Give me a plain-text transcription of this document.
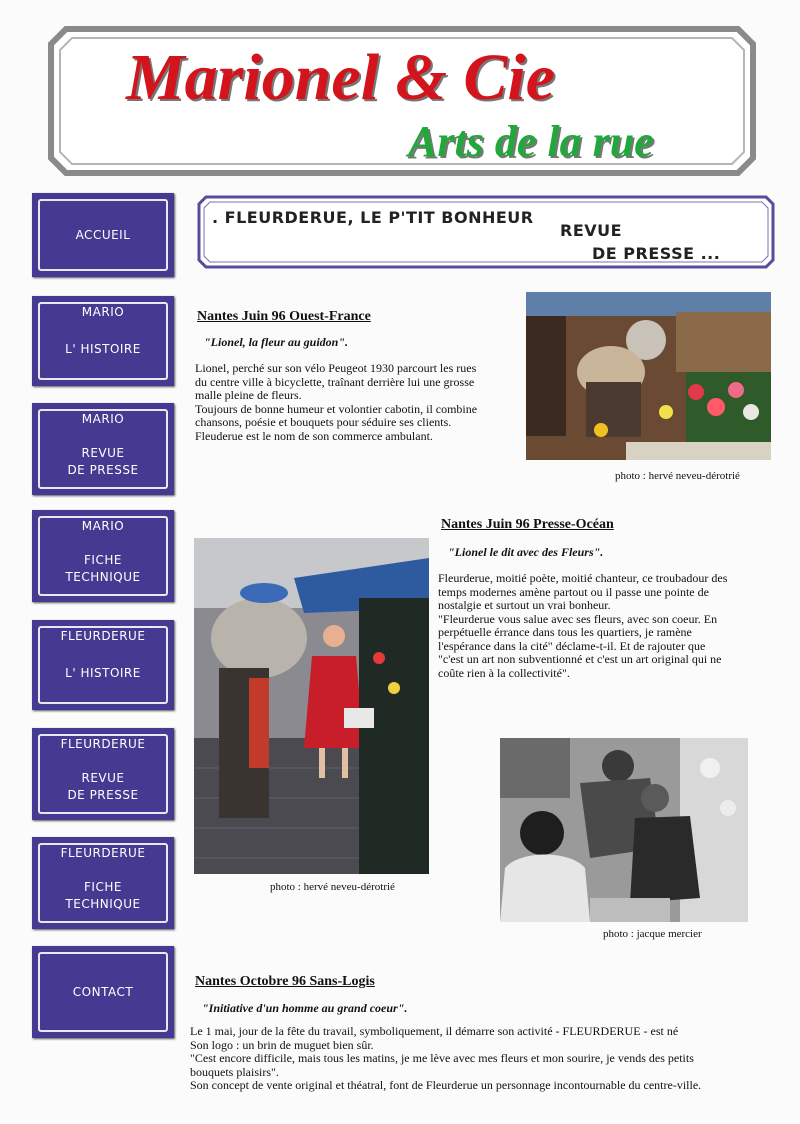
Marionel & Cie
Arts de la rue
ACCUEIL
MARIO
L' HISTOIRE
MARIO
REVUE
DE PRESSE
MARIO
FICHE
TECHNIQUE
FLEURDERUE
L' HISTOIRE
FLEURDERUE
REVUE
DE PRESSE
FLEURDERUE
FICHE
TECHNIQUE
CONTACT
. FLEURDERUE, LE P'TIT BONHEUR
REVUE
DE PRESSE ...
Nantes Juin 96 Ouest-France
"Lionel, la fleur au guidon".
Lionel, perché sur son vélo Peugeot 1930 parcourt les rues
du centre ville à bicyclette, traînant derrière lui une grosse
malle pleine de fleurs.
Toujours de bonne humeur et volontier cabotin, il combine
chansons, poésie et bouquets pour séduire ses clients.
Fleuderue est le nom de son commerce ambulant.
photo : hervé neveu-dérotrié
Nantes Juin 96 Presse-Océan
"Lionel le dit avec des Fleurs".
Fleurderue, moitié poète, moitié chanteur, ce troubadour des
temps modernes amène partout ou il passe une pointe de
nostalgie et surtout un vrai bonheur.
"Fleurderue vous salue avec ses fleurs, avec son coeur. En
perpétuelle érrance dans tous les quartiers, je ramène
l'espérance dans la cité" déclame-t-il. Et de rajouter que
"c'est un art non subventionné et c'est un art original qui ne
coûte rien à la collectivité".
photo : hervé neveu-dérotrié
photo : jacque mercier
Nantes Octobre 96 Sans-Logis
"Initiative d'un homme au grand coeur".
Le 1 mai, jour de la fête du travail, symboliquement, il démarre son activité - FLEURDERUE - est né
Son logo : un brin de muguet bien sûr.
"Cest encore difficile, mais tous les matins, je me lève avec mes fleurs et mon sourire, je vends des petits
bouquets plaisirs".
Son concept de vente original et théatral, font de Fleurderue un personnage incontournable du centre-ville.
